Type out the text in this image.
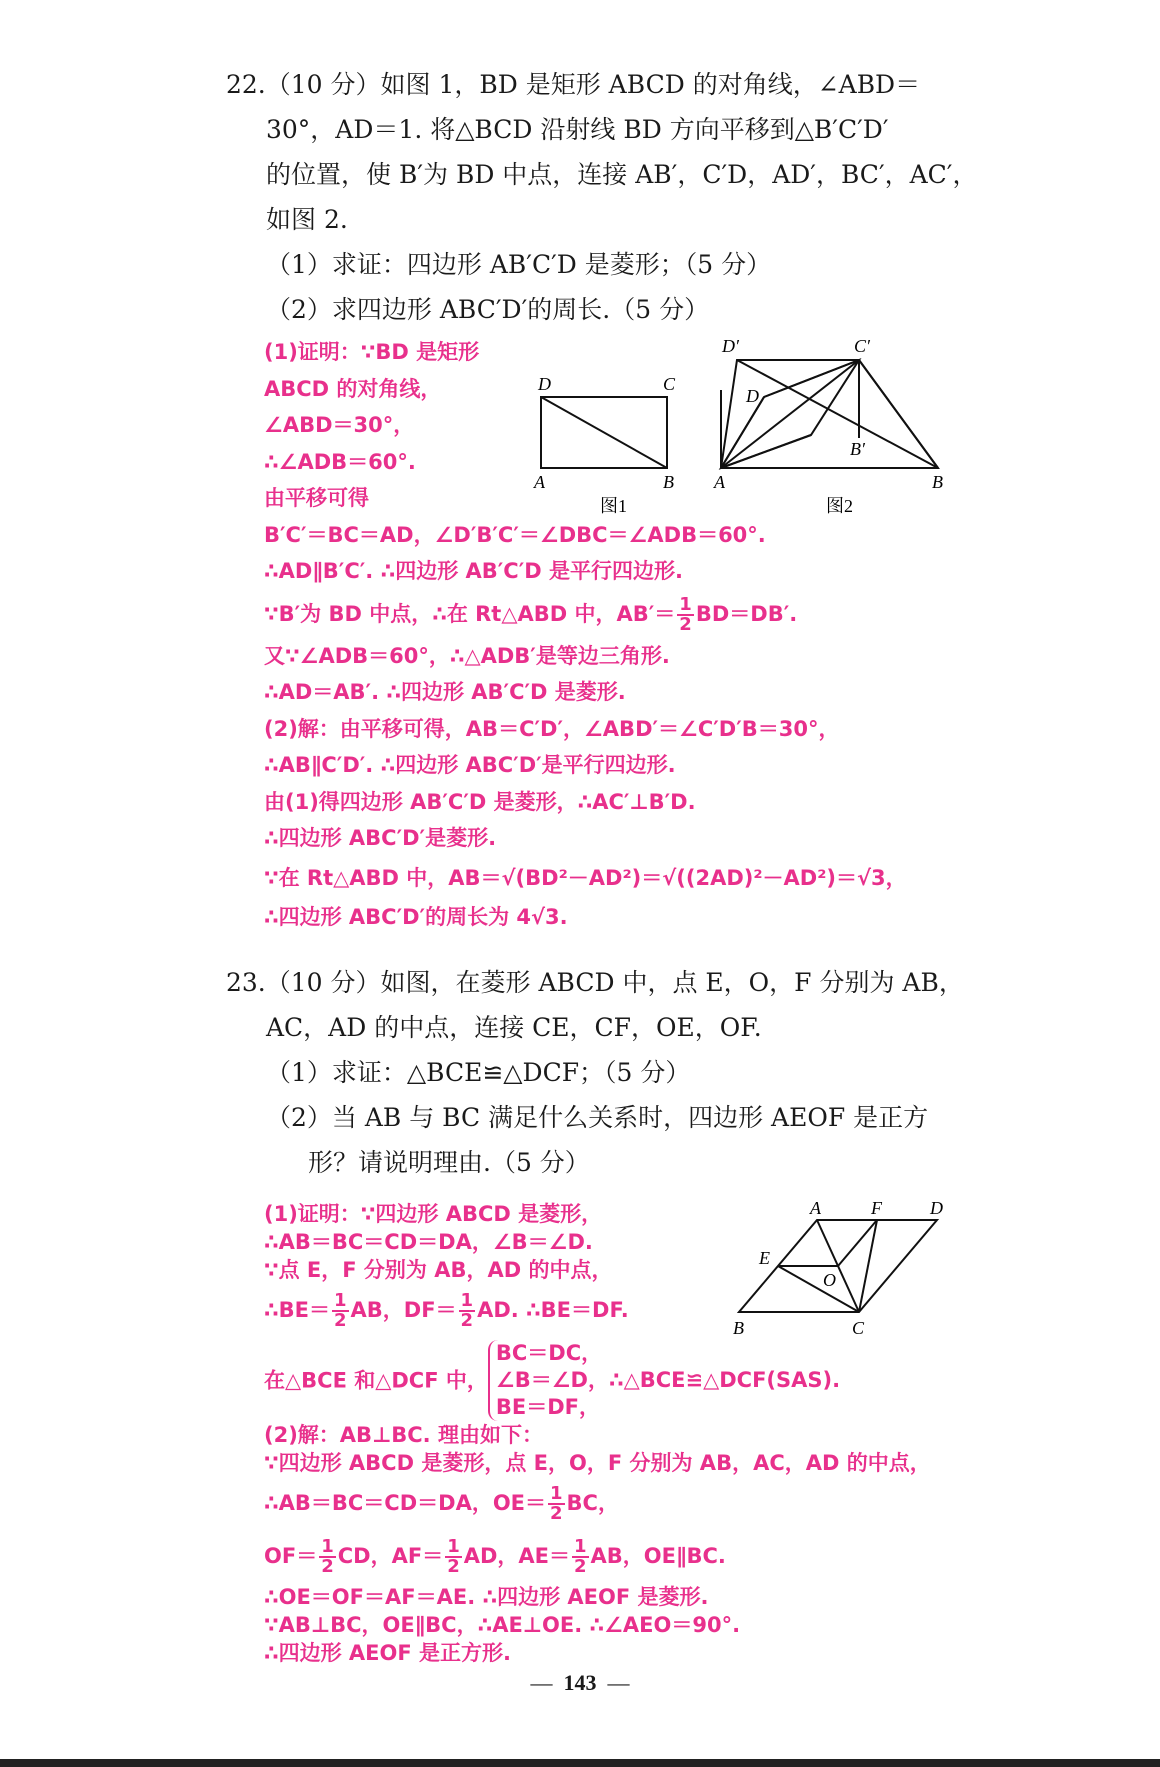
22.（10 分）如图 1，BD 是矩形 ABCD 的对角线，∠ABD＝
30°，AD＝1. 将△BCD 沿射线 BD 方向平移到△B′C′D′
的位置，使 B′为 BD 中点，连接 AB′，C′D，AD′，BC′，AC′，
如图 2.
（1）求证：四边形 AB′C′D 是菱形；（5 分）
（2）求四边形 ABC′D′的周长.（5 分）
(1)证明：∵BD 是矩形
ABCD 的对角线，
∠ABD＝30°，
∴∠ADB＝60°.
由平移可得
B′C′＝BC＝AD，∠D′B′C′＝∠DBC＝∠ADB＝60°.
∴AD∥B′C′. ∴四边形 AB′C′D 是平行四边形.
∵B′为 BD 中点，∴在 Rt△ABD 中，$AB'= \frac{1}{2} BD=DB'$.
又∵∠ADB＝60°，∴△ADB′是等边三角形.
∴AD＝AB′. ∴四边形 AB′C′D 是菱形.
(2)解：由平移可得，AB＝C′D′，∠ABD′＝∠C′D′B＝30°，
∴AB∥C′D′. ∴四边形 ABC′D′是平行四边形.
由(1)得四边形 AB′C′D 是菱形，∴AC′⊥B′D.
∴四边形 ABC′D′是菱形.
∵在 Rt△ABD 中，AB＝√(BD²－AD²)＝√((2AD)²－AD²)＝√3，
∴四边形 ABC′D′的周长为 4√3.
D	C
A	B
图1
D′	C′
D
B′
A	B
图2
23.（10 分）如图，在菱形 ABCD 中，点 E，O，F 分别为 AB，
AC，AD 的中点，连接 CE，CF，OE，OF.
（1）求证：△BCE≌△DCF；（5 分）
（2）当 AB 与 BC 满足什么关系时，四边形 AEOF 是正方
形？请说明理由.（5 分）
(1)证明：∵四边形 ABCD 是菱形，
∴AB＝BC＝CD＝DA，∠B＝∠D.
∵点 E，F 分别为 AB，AD 的中点，
∴BE＝ $\frac{1}{2}$ AB，$DF= \frac{1}{2}$ AD. ∴BE＝DF.
在△BCE 和△DCF 中，
BC＝DC，
∠B＝∠D，∴△BCE≌△DCF(SAS).
BE＝DF，
(2)解：AB⊥BC. 理由如下：
∵四边形 ABCD 是菱形，点 E，O，F 分别为 AB，AC，AD 的中点，
∴AB＝BC＝CD＝DA，$OE= \frac{1}{2}$ BC，
$OF= \frac{1}{2}$ CD，$AF= \frac{1}{2}$ AD，$AE= \frac{1}{2}$ AB，OE∥BC.
∴OE＝OF＝AF＝AE. ∴四边形 AEOF 是菱形.
∵AB⊥BC，OE∥BC，∴AE⊥OE. ∴∠AEO＝90°.
∴四边形 AEOF 是正方形.
A	F	D
E
O
B	C
—  143  —
